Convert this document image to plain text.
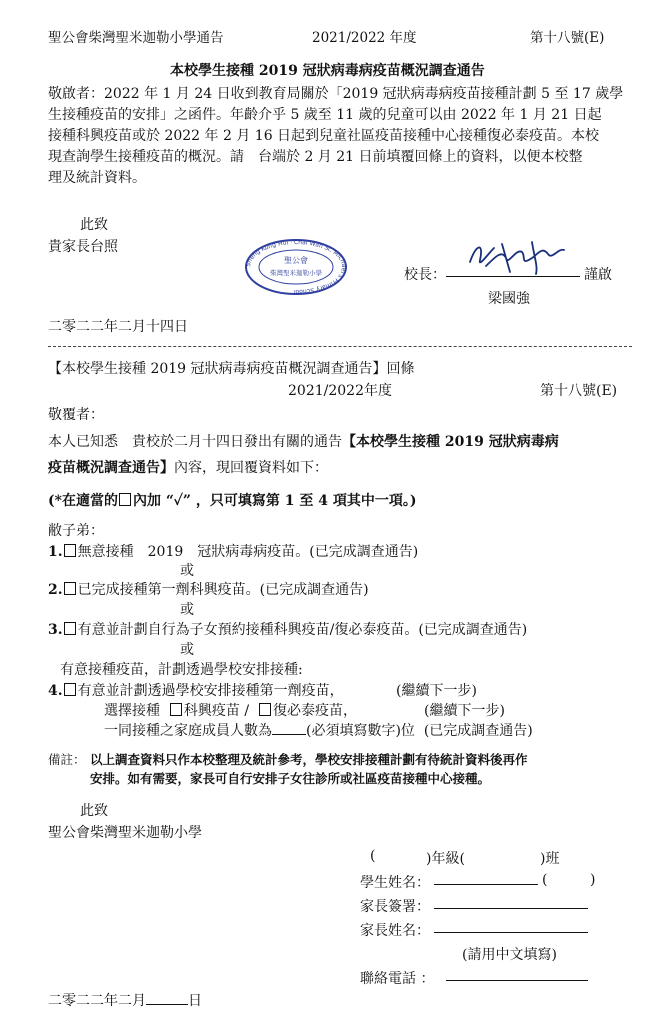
聖公會柴灣聖米迦勒小學通告	2021/2022 年度	第十八號(E)
本校學生接種 2019 冠狀病毒病疫苗概況調查通告
敬啟者：2022 年 1 月 24 日收到教育局關於「2019 冠狀病毒病疫苗接種計劃 5 至 17 歲學
生接種疫苗的安排」之函件。年齡介乎 5 歲至 11 歲的兒童可以由 2022 年 1 月 21 日起
接種科興疫苗或於 2022 年 2 月 16 日起到兒童社區疫苗接種中心接種復必泰疫苗。本校
現查詢學生接種疫苗的概況。請　台端於 2 月 21 日前填覆回條上的資料，以便本校整
理及統計資料。
此致
貴家長台照
聖公會
柴灣聖米迦勒小學
Sheng Kung Hui · Chai Wan St. Michael's Primary School
校長：	謹啟
梁國強
二零二二年二月十四日
【本校學生接種 2019 冠狀病毒病疫苗概況調查通告】回條
2021/2022年度	第十八號(E)
敬覆者：
本人已知悉　貴校於二月十四日發出有關的通告【本校學生接種 2019 冠狀病毒病
疫苗概況調查通告】內容，現回覆資料如下：
(*在適當的 內加 “✓” ，只可填寫第 1 至 4 項其中一項。)
敝子弟：
1. 無意接種　2019　冠狀病毒病疫苗。(已完成調查通告)
或
2. 已完成接種第一劑科興疫苗。(已完成調查通告)
或
3. 有意並計劃自行為子女預約接種科興疫苗/復必泰疫苗。(已完成調查通告)
或
有意接種疫苗，計劃透過學校安排接種:
4. 有意並計劃透過學校安排接種第一劑疫苗，	(繼續下一步)
選擇接種 科興疫苗 / 復必泰疫苗，	(繼續下一步)
一同接種之家庭成員人數為 (必須填寫數字)位 (已完成調查通告)
備註： 以上調查資料只作本校整理及統計參考，學校安排接種計劃有待統計資料後再作
安排。如有需要，家長可自行安排子女往診所或社區疫苗接種中心接種。
此致
聖公會柴灣聖米迦勒小學
(	)年級(	)班
學生姓名：	(	)
家長簽署：
家長姓名：
(請用中文填寫)
聯絡電話 ：
二零二二年二月	日
